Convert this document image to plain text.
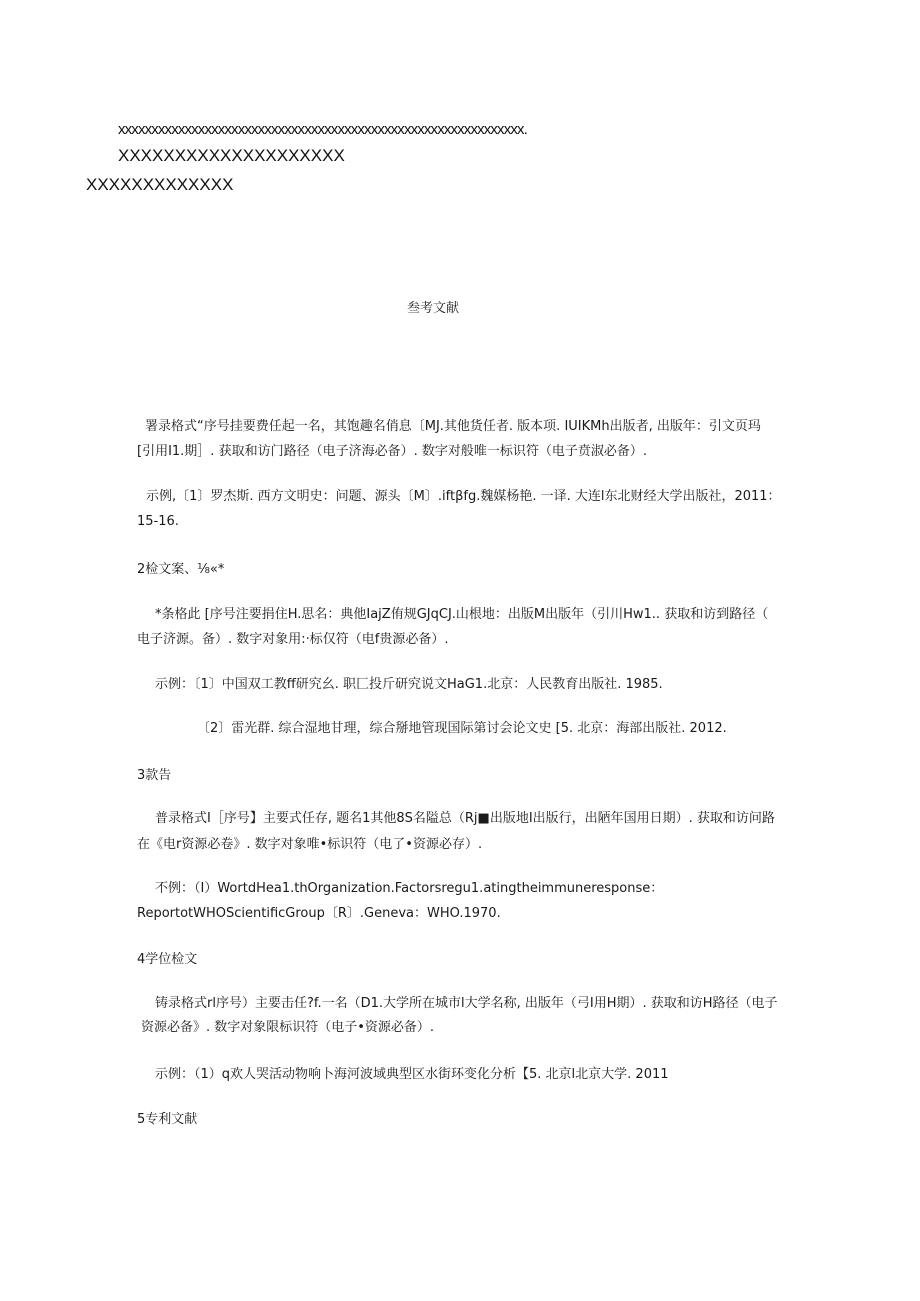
xxxxxxxxxxxxxxxxxxxxxxxxxxxxxxxxxxxxxxxxxxxxxxxxxxxxxxxxxxxxx.
XXXXXXXXXXXXXXXXXXXX
XXXXXXXXXXXXX
叁考文献
署录格式“序号挂要费任起一名，其饱趣名俏息〔MJ.其他货任者. 版本项. IUIKMh出版者, 出版年：引文页玛
[引用I1.期］. 获取和访门路径（电子济海必备）. 数字对般唯一标识符（电子贲淑必备）.
示例,〔1〕罗杰斯. 西方文明史：问题、源头〔M〕.iftβfg.魏媒杨艳. 一译. 大连l东北财经大学出版社，2011：
15-16.
2检文案、⅛«*
*条格此 [序号注要捐住H.思名：典他IajZ侑规GJqCJ.山根地：出版M出版年（引川Hw1.. 获取和访到路径（
电子济源。备）. 数字对象用:·标仅符（电f贵源必备）.
示例：〔1〕中国双工教ff研究幺. 职匚投斤研究说文HaG1.北京：人民教育出版社. 1985.
〔2〕雷光群. 综合湿地甘理，综合掰地管现国际第讨会论文史 [5. 北京：海部出版社. 2012.
3款告
普录格式I［序号】主要式任存, 题名1其他8S名隘总（Rj■出版地I出版行，出陋年国用日期）. 获取和访问路
在《电r资源必卷》. 数字对象唯•标识符（电了•资源必存）.
不例：（I）WortdHea1.thOrganization.Factorsregu1.atingtheimmuneresponse：
ReportotWHOScientificGroup〔R〕.Geneva：WHO.1970.
4学位检文
铸录格式rl序号）主要击任?f.一名（D1.大学所在城市l大学名称, 出版年（弓I用H期）. 获取和访H路径（电子
资源必备》. 数字对象限标识符（电子•资源必备）.
示例：（1）q欢人哭活动物响卜海河波域典型区水街环变化分析【5. 北京l北京大学. 2011
5专利文献
